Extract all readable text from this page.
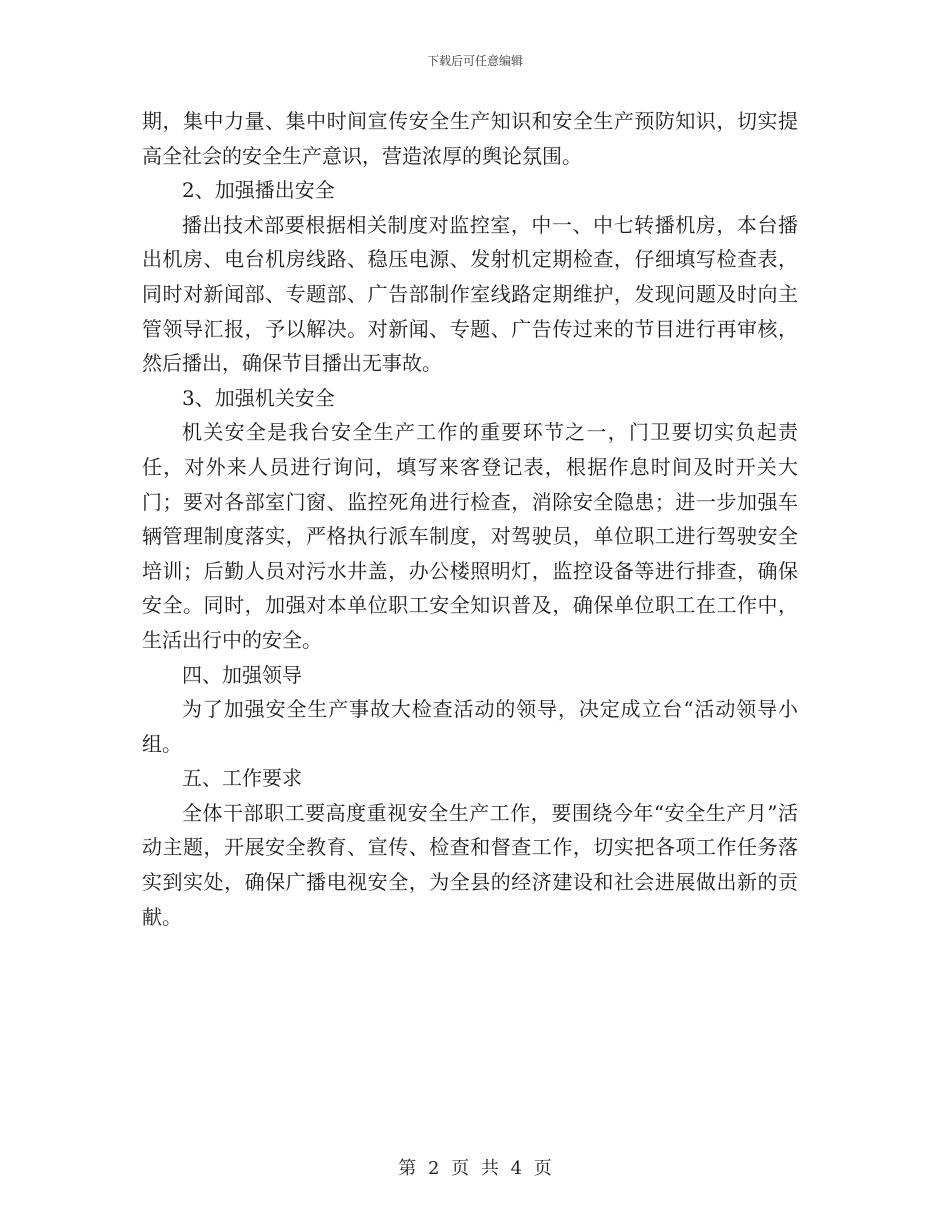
下载后可任意编辑

期，集中力量、集中时间宣传安全生产知识和安全生产预防知识，切实提高全社会的安全生产意识，营造浓厚的舆论氛围。

2、加强播出安全

播出技术部要根据相关制度对监控室，中一、中七转播机房，本台播出机房、电台机房线路、稳压电源、发射机定期检查，仔细填写检查表，同时对新闻部、专题部、广告部制作室线路定期维护，发现问题及时向主管领导汇报，予以解决。对新闻、专题、广告传过来的节目进行再审核，然后播出，确保节目播出无事故。

3、加强机关安全

机关安全是我台安全生产工作的重要环节之一，门卫要切实负起责任，对外来人员进行询问，填写来客登记表，根据作息时间及时开关大门；要对各部室门窗、监控死角进行检查，消除安全隐患；进一步加强车辆管理制度落实，严格执行派车制度，对驾驶员，单位职工进行驾驶安全培训；后勤人员对污水井盖，办公楼照明灯，监控设备等进行排查，确保安全。同时，加强对本单位职工安全知识普及，确保单位职工在工作中，生活出行中的安全。

四、加强领导

为了加强安全生产事故大检查活动的领导，决定成立台“活动领导小组。

五、工作要求

全体干部职工要高度重视安全生产工作，要围绕今年“安全生产月”活动主题，开展安全教育、宣传、检查和督查工作，切实把各项工作任务落实到实处，确保广播电视安全，为全县的经济建设和社会进展做出新的贡献。

第 2 页 共 4 页
